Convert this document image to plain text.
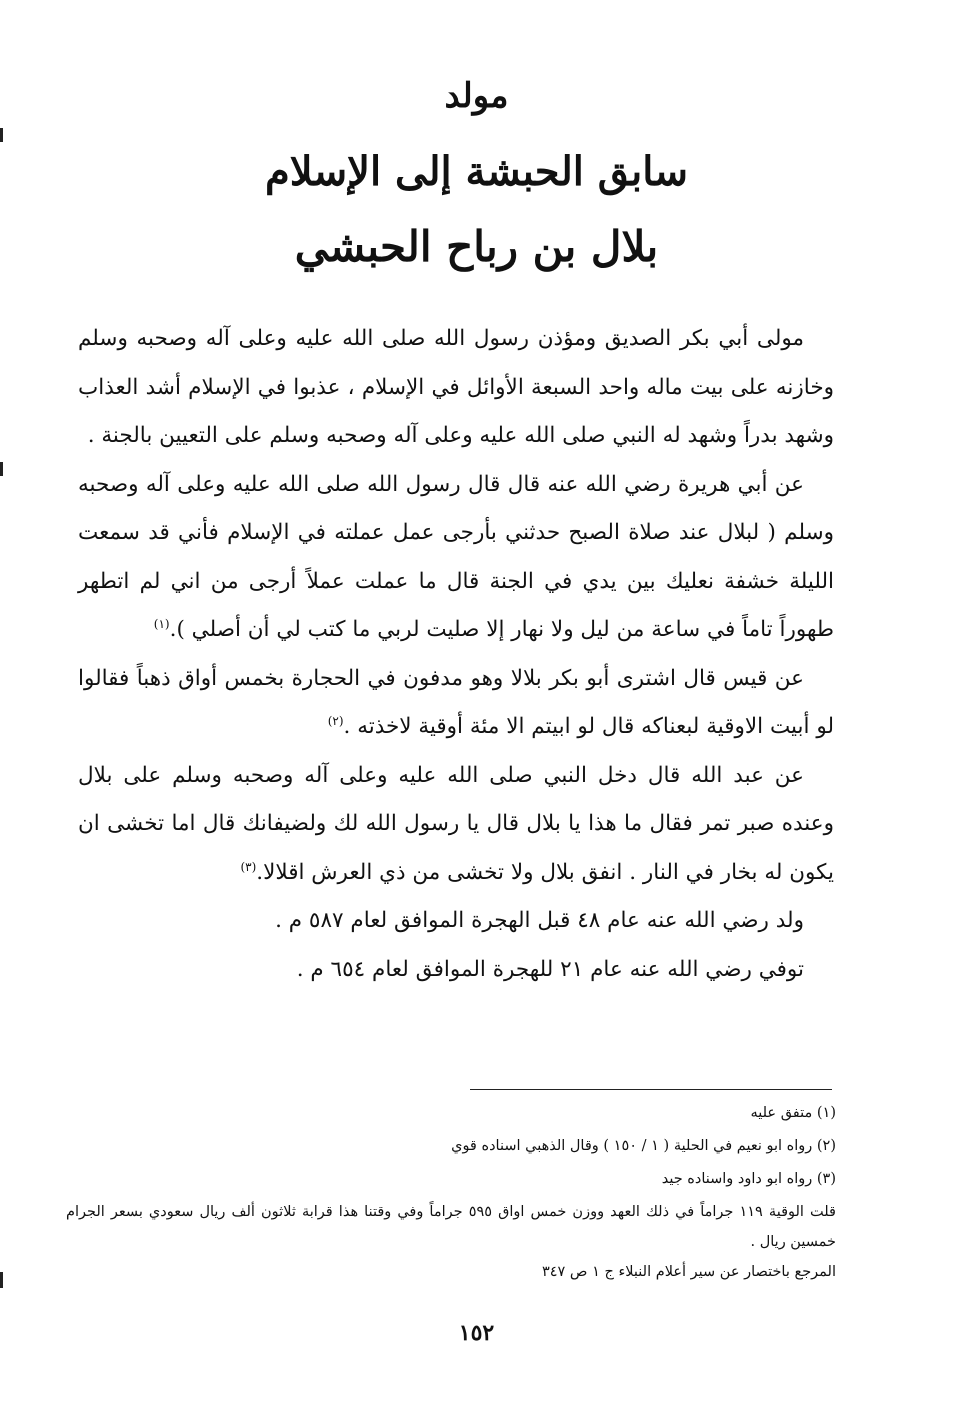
مولد
سابق الحبشة إلى الإسلام
بلال بن رباح الحبشي

مولى أبي بكر الصديق ومؤذن رسول الله صلى الله عليه وعلى آله وصحبه وسلم وخازنه على بيت ماله واحد السبعة الأوائل في الإسلام ، عذبوا في الإسلام أشد العذاب وشهد بدراً وشهد له النبي صلى الله عليه وعلى آله وصحبه وسلم على التعيين بالجنة .

عن أبي هريرة رضي الله عنه قال قال رسول الله صلى الله عليه وعلى آله وصحبه وسلم ( لبلال عند صلاة الصبح حدثني بأرجى عمل عملته في الإسلام فأني قد سمعت الليلة خشفة نعليك بين يدي في الجنة قال ما عملت عملاً أرجى من اني لم اتطهر طهوراً تاماً في ساعة من ليل ولا نهار إلا صليت لربي ما كتب لي أن أصلي ).$^{(١)}$

عن قيس قال اشترى أبو بكر بلالا وهو مدفون في الحجارة بخمس أواق ذهباً فقالوا لو أبيت الاوقية لبعناكه قال لو ابيتم الا مئة أوقية لاخذته .$^{(٢)}$

عن عبد الله قال دخل النبي صلى الله عليه وعلى آله وصحبه وسلم على بلال وعنده صبر تمر فقال ما هذا يا بلال قال يا رسول الله لك ولضيفانك قال اما تخشى ان يكون له بخار في النار . انفق بلال ولا تخشى من ذي العرش اقلالا.$^{(٣)}$

ولد رضي الله عنه عام ٤٨ قبل الهجرة الموافق لعام ٥٨٧ م .

توفي رضي الله عنه عام ٢١ للهجرة الموافق لعام ٦٥٤ م .

(١) متفق عليه

(٢) رواه ابو نعيم في الحلية ( ١ / ١٥٠ ) وقال الذهبي اسناده قوي

(٣) رواه ابو داود واسناده جيد

قلت الوقية ١١٩ جراماً في ذلك العهد ووزن خمس اواق ٥٩٥ جراماً وفي وقتنا هذا قرابة ثلاثون ألف ريال سعودي بسعر الجرام خمسين ريال .

المرجع باختصار عن سير أعلام النبلاء ج ١ ص ٣٤٧

١٥٢
